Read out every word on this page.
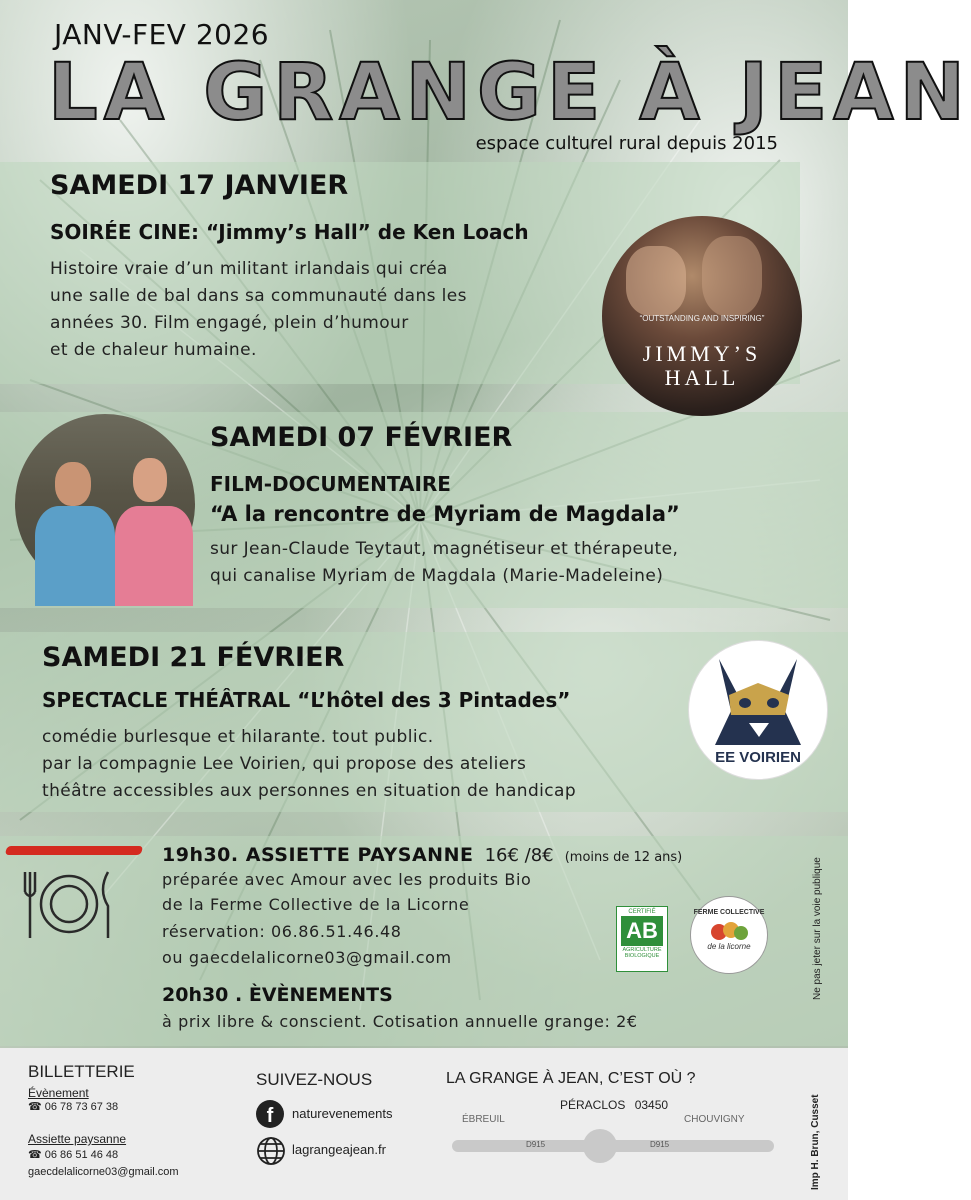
JANV-FEV 2026
LA GRANGE À JEAN
espace culturel rural depuis 2015
SAMEDI 17 JANVIER
SOIRÉE CINE: “Jimmy’s Hall” de Ken Loach
Histoire vraie d’un militant irlandais qui créa
une salle de bal dans sa communauté dans les
années 30. Film engagé, plein d’humour
et de chaleur humaine.
“OUTSTANDING AND INSPIRING”
JIMMY’S
HALL
SAMEDI 07 FÉVRIER
FILM-DOCUMENTAIRE
“A la rencontre de Myriam de Magdala”
sur Jean-Claude Teytaut, magnétiseur et thérapeute,
qui canalise Myriam de Magdala (Marie-Madeleine)
SAMEDI 21 FÉVRIER
SPECTACLE THÉÂTRAL “L’hôtel des 3 Pintades”
comédie burlesque et hilarante. tout public.
par la compagnie Lee Voirien, qui propose des ateliers
théâtre accessibles aux personnes en situation de handicap
EE VOIRIEN
19h30. ASSIETTE PAYSANNE 16€ /8€ (moins de 12 ans)
préparée avec Amour avec les produits Bio
de la Ferme Collective de la Licorne
réservation: 06.86.51.46.48
ou gaecdelalicorne03@gmail.com
CERTIFIÉ
AB
AGRICULTURE
BIOLOGIQUE
FERME COLLECTIVE
de la licorne
20h30 . ÈVÈNEMENTS
à prix libre & conscient. Cotisation annuelle grange: 2€
Ne pas jeter sur la voie publique
BILLETTERIE
Évènement
☎ 06 78 73 67 38
Assiette paysanne
☎ 06 86 51 46 48
gaecdelalicorne03@gmail.com
SUIVEZ-NOUS
f	naturevenements
lagrangeajean.fr
LA GRANGE À JEAN, C’EST OÙ ?
PÉRACLOS 03450
ÉBREUIL	CHOUVIGNY
D915	D915	Imp H. Brun, Cusset
